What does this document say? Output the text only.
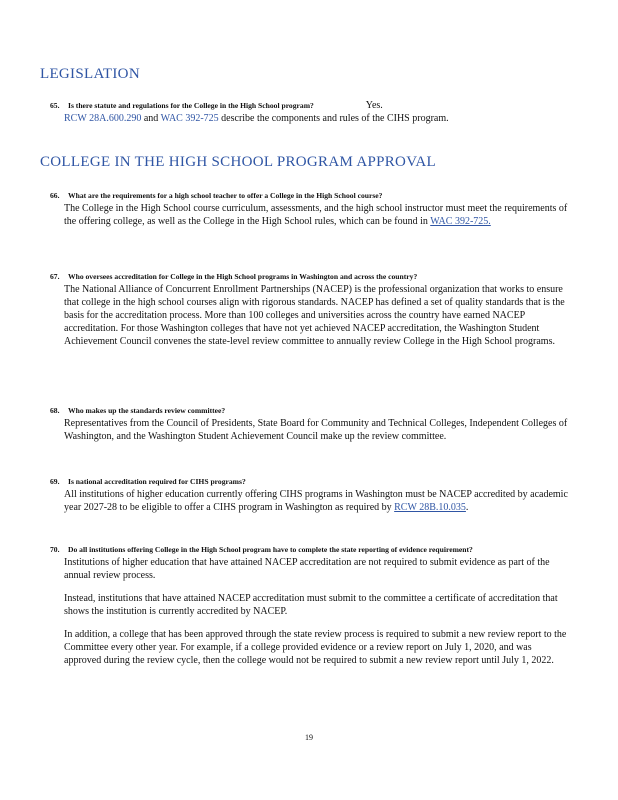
LEGISLATION

65. Is there statute and regulations for the College in the High School program?	Yes.

RCW 28A.600.290 and WAC 392-725 describe the components and rules of the CIHS program.
COLLEGE IN THE HIGH SCHOOL PROGRAM APPROVAL

66. What are the requirements for a high school teacher to offer a College in the High School course?

The College in the High School course curriculum, assessments, and the high school instructor must meet the requirements of the offering college, as well as the College in the High School rules, which can be found in WAC 392-725.

67. Who oversees accreditation for College in the High School programs in Washington and across the country?

The National Alliance of Concurrent Enrollment Partnerships (NACEP) is the professional organization that works to ensure that college in the high school courses align with rigorous standards. NACEP has defined a set of quality standards that is the basis for the accreditation process. More than 100 colleges and universities across the country have earned NACEP accreditation. For those Washington colleges that have not yet achieved NACEP accreditation, the Washington Student Achievement Council convenes the state-level review committee to annually review College in the High School programs.

68. Who makes up the standards review committee?

Representatives from the Council of Presidents, State Board for Community and Technical Colleges, Independent Colleges of Washington, and the Washington Student Achievement Council make up the review committee.

69. Is national accreditation required for CIHS programs?

All institutions of higher education currently offering CIHS programs in Washington must be NACEP accredited by academic year 2027-28 to be eligible to offer a CIHS program in Washington as required by RCW 28B.10.035.

70. Do all institutions offering College in the High School program have to complete the state reporting of evidence requirement?

Institutions of higher education that have attained NACEP accreditation are not required to submit evidence as part of the annual review process.

Instead, institutions that have attained NACEP accreditation must submit to the committee a certificate of accreditation that shows the institution is currently accredited by NACEP.

In addition, a college that has been approved through the state review process is required to submit a new review report to the Committee every other year. For example, if a college provided evidence or a review report on July 1, 2020, and was approved during the review cycle, then the college would not be required to submit a new review report until July 1, 2022.

19
